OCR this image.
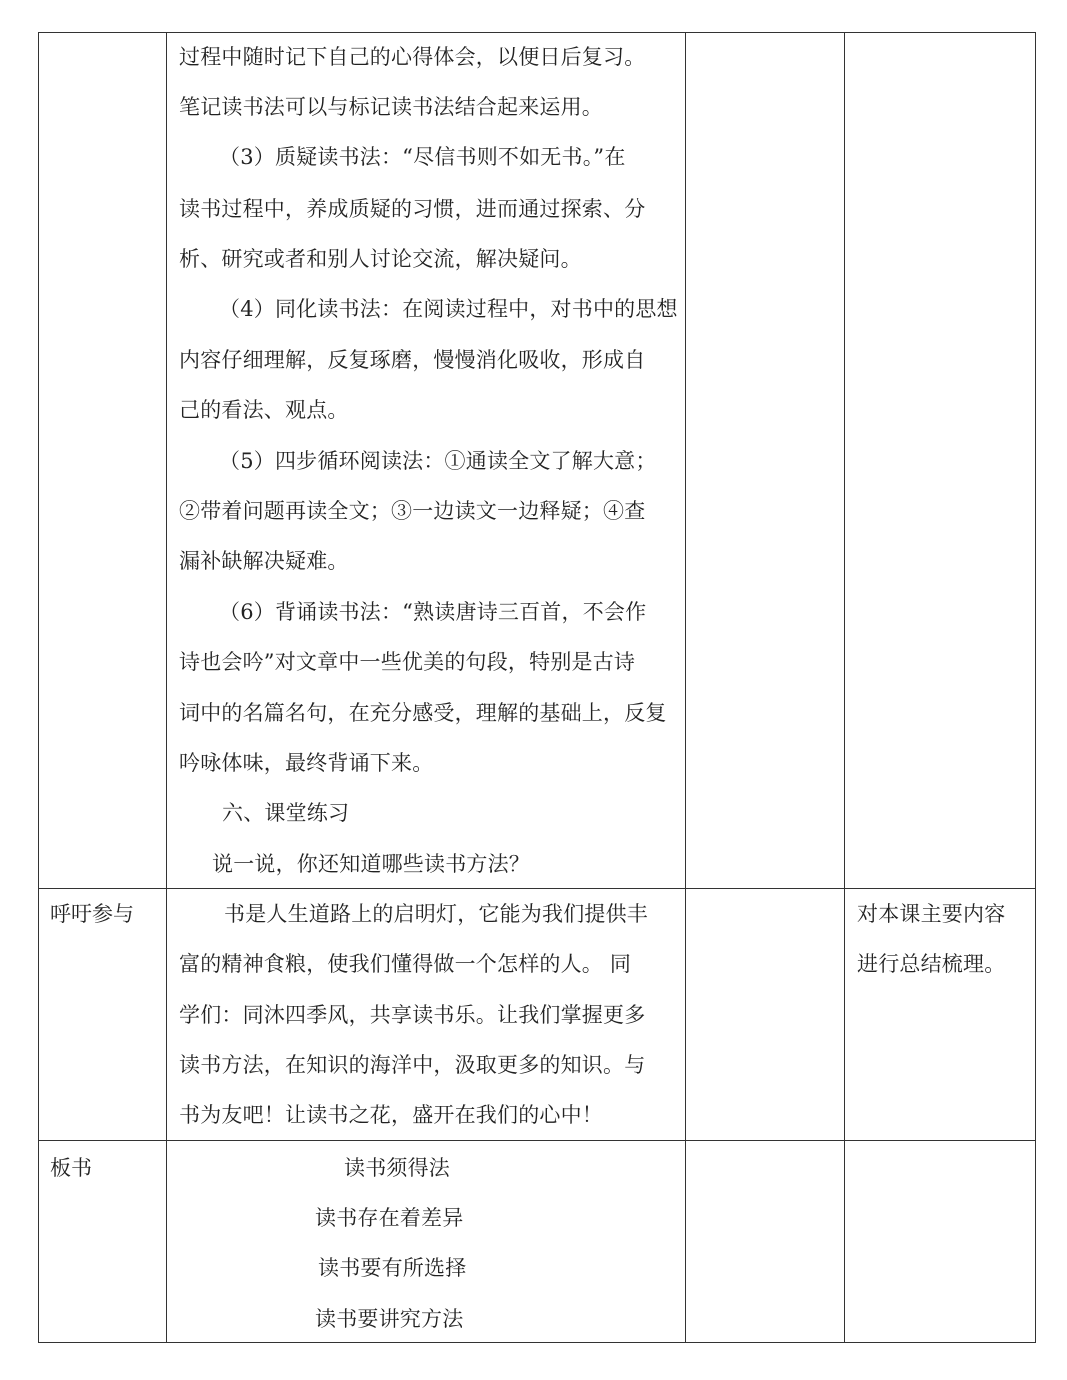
过程中随时记下自己的心得体会，以便日后复习。
笔记读书法可以与标记读书法结合起来运用。
（3）质疑读书法：“尽信书则不如无书。”在
读书过程中，养成质疑的习惯，进而通过探索、分
析、研究或者和别人讨论交流，解决疑问。
（4）同化读书法：在阅读过程中，对书中的思想
内容仔细理解，反复琢磨，慢慢消化吸收，形成自
己的看法、观点。
（5）四步循环阅读法：①通读全文了解大意；
②带着问题再读全文；③一边读文一边释疑；④查
漏补缺解决疑难。
（6）背诵读书法：“熟读唐诗三百首，不会作
诗也会吟”对文章中一些优美的句段，特别是古诗
词中的名篇名句，在充分感受，理解的基础上，反复
吟咏体味，最终背诵下来。
六、课堂练习
说一说，你还知道哪些读书方法？
呼吁参与	书是人生道路上的启明灯，它能为我们提供丰
富的精神食粮，使我们懂得做一个怎样的人。 同
学们：同沐四季风，共享读书乐。让我们掌握更多
读书方法，在知识的海洋中，汲取更多的知识。与
书为友吧！让读书之花，盛开在我们的心中！
对本课主要内容
进行总结梳理。
板书	读书须得法
读书存在着差异
读书要有所选择
读书要讲究方法
